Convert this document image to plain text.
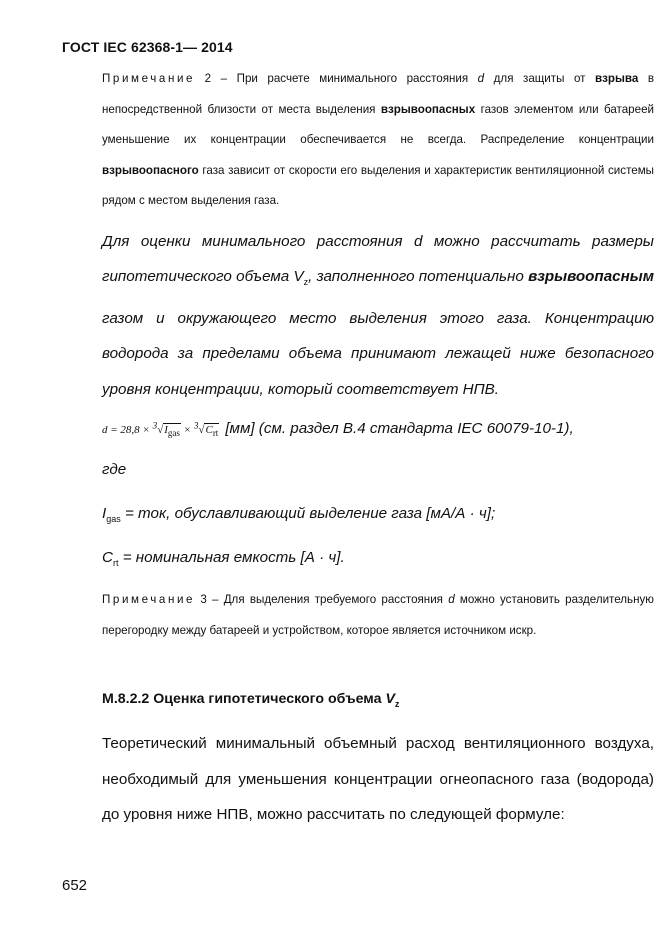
ГОСТ IEC 62368-1— 2014

Примечание 2 – При расчете минимального расстояния d для защиты от взрыва в непосредственной близости от места выделения взрывоопасных газов элементом или батареей уменьшение их концентрации обеспечивается не всегда. Распределение концентрации взрывоопасного газа зависит от скорости его выделения и характеристик вентиляционной системы рядом с местом выделения газа.

Для оценки минимального расстояния d можно рассчитать размеры гипотетического объема $V_z$, заполненного потенциально взрывоопасным газом и окружающего место выделения этого газа. Концентрацию водорода за пределами объема принимают лежащей ниже безопасного уровня концентрации, который соответствует НПВ.

$d = 28,8 \times ^3√I_{gas} \times ^3√C_{rt}$ [мм] (см. раздел В.4 стандарта IEC 60079-10-1),
где
$I_{gas}$ = ток, обуславливающий выделение газа [мА/А · ч];
$C_{rt}$ = номинальная емкость [А · ч].

Примечание 3 – Для выделения требуемого расстояния d можно установить разделительную перегородку между батареей и устройством, которое является источником искр.

М.8.2.2 Оценка гипотетического объема $V_z$

Теоретический минимальный объемный расход вентиляционного воздуха, необходимый для уменьшения концентрации огнеопасного газа (водорода) до уровня ниже НПВ, можно рассчитать по следующей формуле:

652
